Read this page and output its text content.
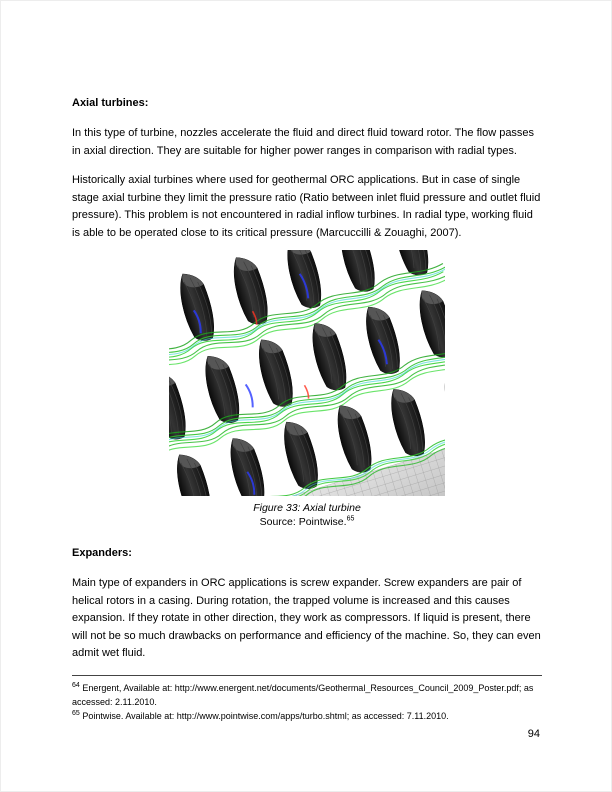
Axial turbines:

In this type of turbine, nozzles accelerate the fluid and direct fluid toward rotor. The flow passes in axial direction. They are suitable for higher power ranges in comparison with radial types.

Historically axial turbines where used for geothermal ORC applications. But in case of single stage axial turbine they limit the pressure ratio (Ratio between inlet fluid pressure and outlet fluid pressure). This problem is not encountered in radial inflow turbines. In radial type, working fluid is able to be operated close to its critical pressure (Marcuccilli & Zouaghi, 2007).

Figure 33: Axial turbine
Source: Pointwise.$^{65}$
Expanders:

Main type of expanders in ORC applications is screw expander. Screw expanders are pair of helical rotors in a casing. During rotation, the trapped volume is increased and this causes expansion. If they rotate in other direction, they work as compressors. If liquid is present, there will not be so much drawbacks on performance and efficiency of the machine. So, they can even admit wet fluid.

$^{64}$ Energent, Available at: http://www.energent.net/documents/Geothermal_Resources_Council_2009_Poster.pdf; as accessed: 2.11.2010.
$^{65}$ Pointwise. Available at: http://www.pointwise.com/apps/turbo.shtml; as accessed: 7.11.2010.
94
